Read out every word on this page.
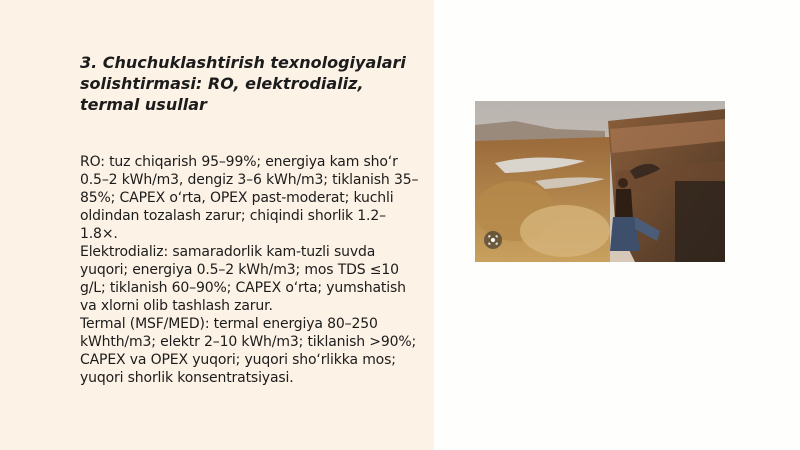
3. Chuchuklashtirish texnologiyalari solishtirmasi: RO, elektrodializ, termal usullar

RO: tuz chiqarish 95–99%; energiya kam sho‘r 0.5–2 kWh/m3, dengiz 3–6 kWh/m3; tiklanish 35–85%; CAPEX o‘rta, OPEX past-moderat; kuchli oldindan tozalash zarur; chiqindi shorlik 1.2–1.8×.

Elektrodializ: samaradorlik kam-tuzli suvda yuqori; energiya 0.5–2 kWh/m3; mos TDS ≤10 g/L; tiklanish 60–90%; CAPEX o‘rta; yumshatish va xlorni olib tashlash zarur.

Termal (MSF/MED): termal energiya 80–250 kWhth/m3; elektr 2–10 kWh/m3; tiklanish >90%; CAPEX va OPEX yuqori; yuqori sho‘rlikka mos; yuqori shorlik konsentratsiyasi.
